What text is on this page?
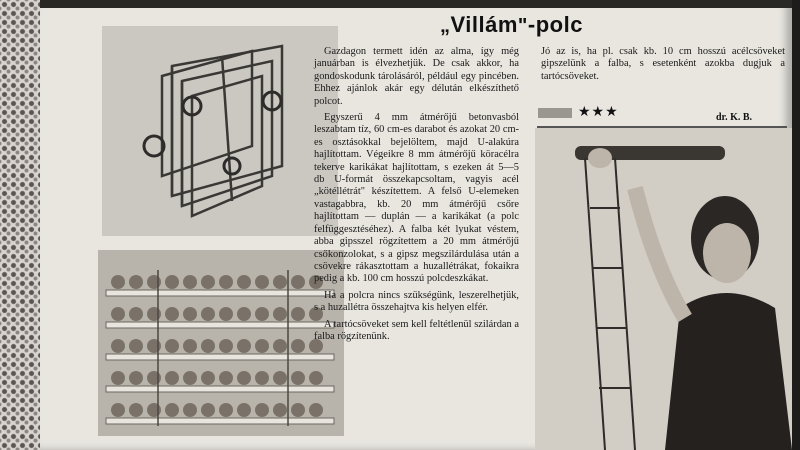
„Villám"-polc

Gazdagon termett idén az alma, így még januárban is élvezhetjük. De csak akkor, ha gondoskodunk tárolásáról, például egy pincében. Ehhez ajánlok akár egy délután elkészíthető polcot.

Egyszerű 4 mm átmérőjű betonvasból leszabtam tíz, 60 cm-es darabot és azokat 20 cm-es osztásokkal bejelöltem, majd U-alakúra hajlítottam. Végeikre 8 mm átmérőjű köracélra tekerve karikákat hajlítottam, s ezeken át 5—5 db U-formát összekapcsoltam, vagyis acél „kötéllétrát" készítettem. A felső U-elemeken vastagabbra, kb. 20 mm átmérőjű csőre hajlítottam — duplán — a karikákat (a polc felfüggesztéséhez). A falba két lyukat véstem, abba gipsszel rögzítettem a 20 mm átmérőjű csőkonzolokat, s a gipsz megszilárdulása után a csövekre rákasztottam a huzallétrákat, fokaikra pedig a kb. 100 cm hosszú polcdeszkákat.

Ha a polcra nincs szükségünk, leszerelhetjük, s a huzallétra összehajtva kis helyen elfér.

A tartócsöveket sem kell feltétlenül szilárdan a falba rögzítenünk.

Jó az is, ha pl. csak kb. 10 cm hosszú acélcsöveket gipszelünk a falba, s esetenként azokba dugjuk a tartócsöveket.

★★★	dr. K. B.
